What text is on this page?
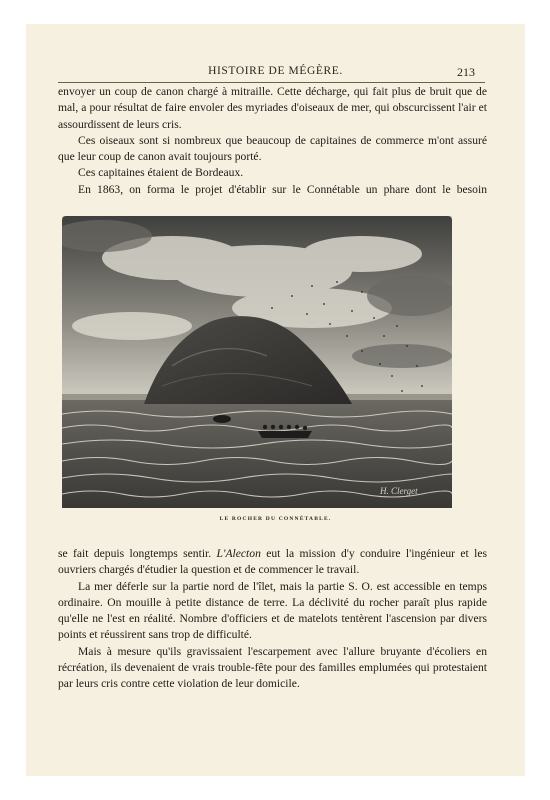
HISTOIRE DE MÉGÈRE.	213

envoyer un coup de canon chargé à mitraille. Cette décharge, qui fait plus de bruit que de mal, a pour résultat de faire envoler des myriades d'oiseaux de mer, qui obscurcissent l'air et assourdissent de leurs cris.

Ces oiseaux sont si nombreux que beaucoup de capitaines de commerce m'ont assuré que leur coup de canon avait toujours porté.

Ces capitaines étaient de Bordeaux.

En 1863, on forma le projet d'établir sur le Connétable un phare dont le besoin

H. Clerget
LE ROCHER DU CONNÉTABLE.

se fait depuis longtemps sentir. L'Alecton eut la mission d'y conduire l'ingénieur et les ouvriers chargés d'étudier la question et de commencer le travail.

La mer déferle sur la partie nord de l'îlet, mais la partie S. O. est accessible en temps ordinaire. On mouille à petite distance de terre. La déclivité du rocher paraît plus rapide qu'elle ne l'est en réalité. Nombre d'officiers et de matelots tentèrent l'ascension par divers points et réussirent sans trop de difficulté.

Mais à mesure qu'ils gravissaient l'escarpement avec l'allure bruyante d'écoliers en récréation, ils devenaient de vrais trouble-fête pour des familles emplumées qui protestaient par leurs cris contre cette violation de leur domicile.
